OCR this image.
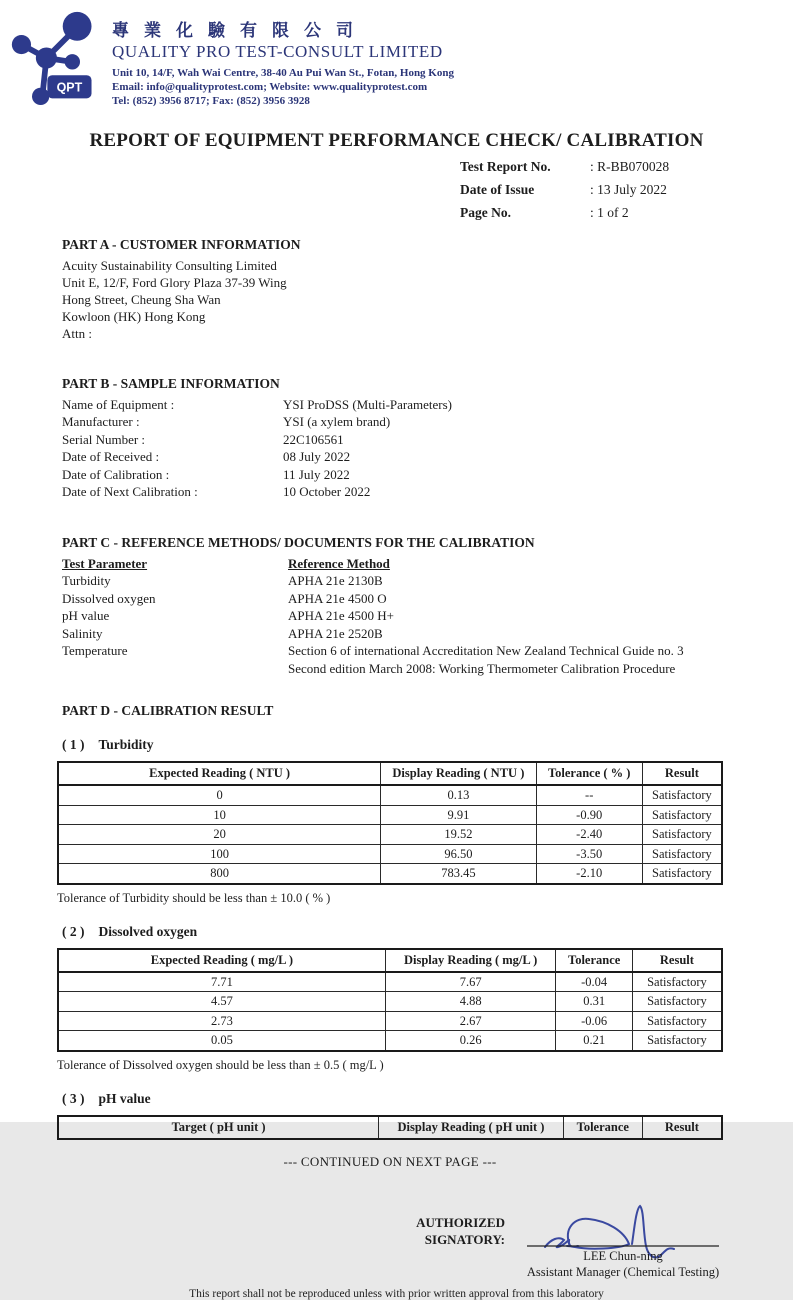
QPT
專業化驗有限公司
QUALITY PRO TEST-CONSULT LIMITED
Unit 10, 14/F, Wah Wai Centre, 38-40 Au Pui Wan St., Fotan, Hong Kong
Email: info@qualityprotest.com; Website: www.qualityprotest.com
Tel: (852) 3956 8717; Fax: (852) 3956 3928
REPORT OF EQUIPMENT PERFORMANCE CHECK/ CALIBRATION
Test Report No.	: R-BB070028
Date of Issue	: 13 July 2022
Page No.	: 1 of 2
PART A - CUSTOMER INFORMATION
Acuity Sustainability Consulting Limited
Unit E, 12/F, Ford Glory Plaza 37-39 Wing
Hong Street, Cheung Sha Wan
Kowloon (HK) Hong Kong
Attn :
PART B - SAMPLE INFORMATION
Name of Equipment :	YSI ProDSS (Multi-Parameters)
Manufacturer :	YSI (a xylem brand)
Serial Number :	22C106561
Date of Received :	08 July 2022
Date of Calibration :	11 July 2022
Date of Next Calibration :	10 October 2022
PART C - REFERENCE METHODS/ DOCUMENTS FOR THE CALIBRATION
Test Parameter	Reference Method
Turbidity	APHA 21e 2130B
Dissolved oxygen	APHA 21e 4500 O
pH value	APHA 21e 4500 H+
Salinity	APHA 21e 2520B
Temperature	Section 6 of international Accreditation New Zealand Technical Guide no. 3 Second edition March 2008: Working Thermometer Calibration Procedure
PART D - CALIBRATION RESULT
( 1 ) Turbidity
Expected Reading ( NTU )	Display Reading ( NTU )	Tolerance ( % )	Result
0	0.13	--	Satisfactory
10	9.91	-0.90	Satisfactory
20	19.52	-2.40	Satisfactory
100	96.50	-3.50	Satisfactory
800	783.45	-2.10	Satisfactory
Tolerance of Turbidity should be less than ± 10.0 ( % )
( 2 ) Dissolved oxygen
Expected Reading ( mg/L )	Display Reading ( mg/L )	Tolerance	Result
7.71	7.67	-0.04	Satisfactory
4.57	4.88	0.31	Satisfactory
2.73	2.67	-0.06	Satisfactory
0.05	0.26	0.21	Satisfactory
Tolerance of Dissolved oxygen should be less than ± 0.5 ( mg/L )
( 3 ) pH value
Target ( pH unit )	Display Reading ( pH unit )	Tolerance	Result
--- CONTINUED ON NEXT PAGE ---
AUTHORIZED
SIGNATORY:
LEE Chun-ning
Assistant Manager (Chemical Testing)
This report shall not be reproduced unless with prior written approval from this laboratory
